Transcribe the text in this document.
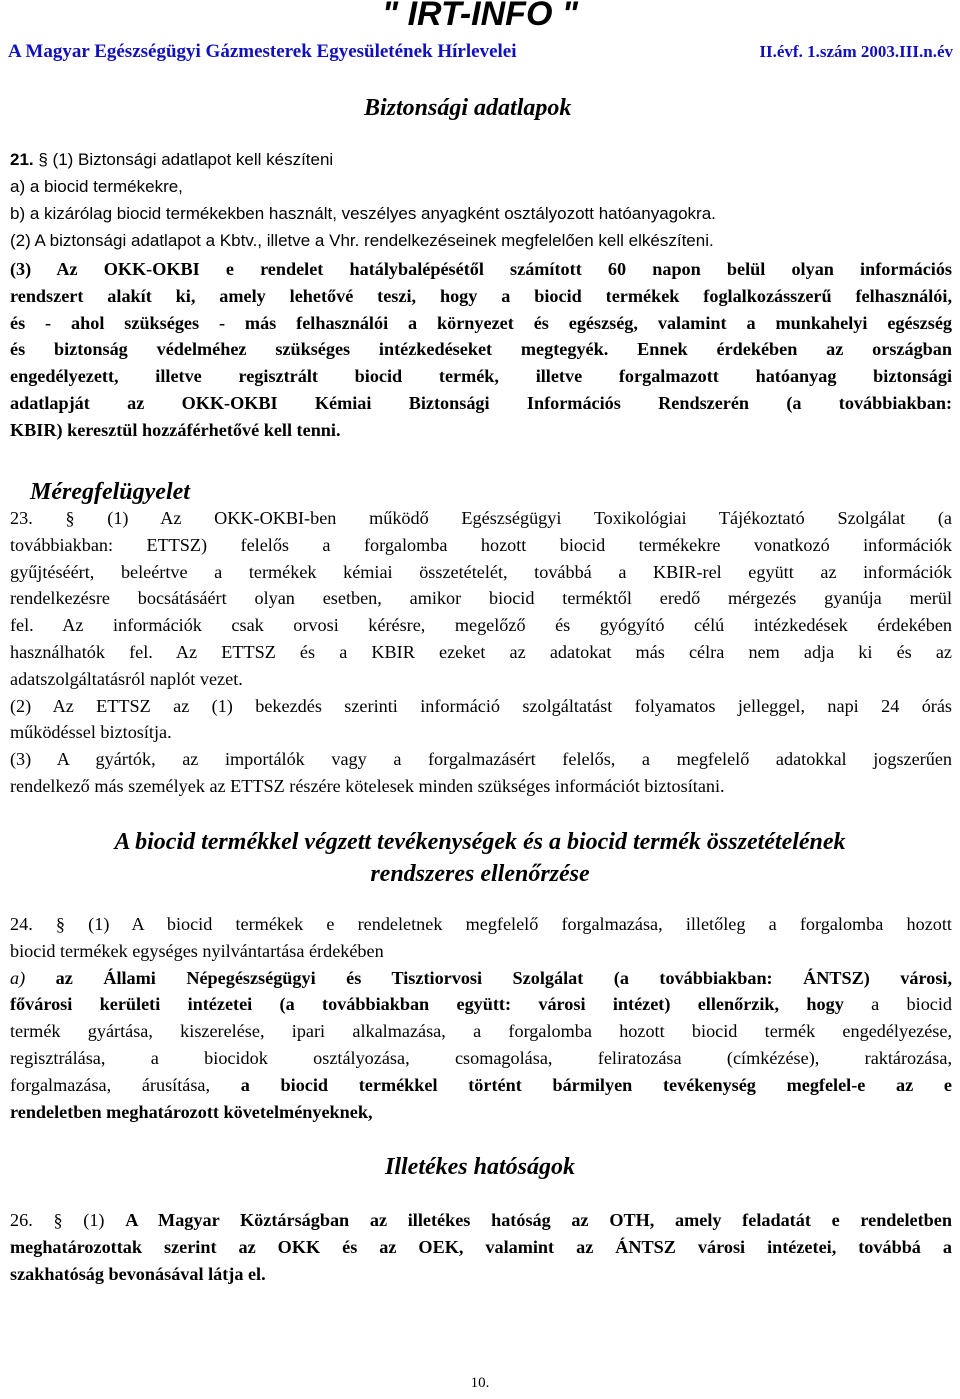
" IRT-INFO "
A Magyar Egészségügyi Gázmesterek Egyesületének Hírlevelei	II.évf. 1.szám 2003.III.n.év
Biztonsági adatlapok
21. § (1) Biztonsági adatlapot kell készíteni
a) a biocid termékekre,
b) a kizárólag biocid termékekben használt, veszélyes anyagként osztályozott hatóanyagokra.
(2) A biztonsági adatlapot a Kbtv., illetve a Vhr. rendelkezéseinek megfelelően kell elkészíteni.
(3) Az OKK-OKBI e rendelet hatálybalépésétől számított 60 napon belül olyan információs
rendszert alakít ki, amely lehetővé teszi, hogy a biocid termékek foglalkozásszerű felhasználói,
és - ahol szükséges - más felhasználói a környezet és egészség, valamint a munkahelyi egészség
és biztonság védelméhez szükséges intézkedéseket megtegyék. Ennek érdekében az országban
engedélyezett, illetve regisztrált biocid termék, illetve forgalmazott hatóanyag biztonsági
adatlapját az OKK-OKBI Kémiai Biztonsági Információs Rendszerén (a továbbiakban:
KBIR) keresztül hozzáférhetővé kell tenni.
Méregfelügyelet
23. § (1) Az OKK-OKBI-ben működő Egészségügyi Toxikológiai Tájékoztató Szolgálat (a
továbbiakban: ETTSZ) felelős a forgalomba hozott biocid termékekre vonatkozó információk
gyűjtéséért, beleértve a termékek kémiai összetételét, továbbá a KBIR-rel együtt az információk
rendelkezésre bocsátásáért olyan esetben, amikor biocid terméktől eredő mérgezés gyanúja merül
fel. Az információk csak orvosi kérésre, megelőző és gyógyító célú intézkedések érdekében
használhatók fel. Az ETTSZ és a KBIR ezeket az adatokat más célra nem adja ki és az
adatszolgáltatásról naplót vezet.
(2) Az ETTSZ az (1) bekezdés szerinti információ szolgáltatást folyamatos jelleggel, napi 24 órás
működéssel biztosítja.
(3) A gyártók, az importálók vagy a forgalmazásért felelős, a megfelelő adatokkal jogszerűen
rendelkező más személyek az ETTSZ részére kötelesek minden szükséges információt biztosítani.
A biocid termékkel végzett tevékenységek és a biocid termék összetételének
rendszeres ellenőrzése
24. § (1) A biocid termékek e rendeletnek megfelelő forgalmazása, illetőleg a forgalomba hozott
biocid termékek egységes nyilvántartása érdekében
a) az Állami Népegészségügyi és Tisztiorvosi Szolgálat (a továbbiakban: ÁNTSZ) városi,
fővárosi kerületi intézetei (a továbbiakban együtt: városi intézet) ellenőrzik, hogy a biocid
termék gyártása, kiszerelése, ipari alkalmazása, a forgalomba hozott biocid termék engedélyezése,
regisztrálása, a biocidok osztályozása, csomagolása, feliratozása (címkézése), raktározása,
forgalmazása, árusítása, a biocid termékkel történt bármilyen tevékenység megfelel-e az e
rendeletben meghatározott követelményeknek,
Illetékes hatóságok
26. § (1) A Magyar Köztárságban az illetékes hatóság az OTH, amely feladatát e rendeletben
meghatározottak szerint az OKK és az OEK, valamint az ÁNTSZ városi intézetei, továbbá a
szakhatóság bevonásával látja el.
10.
